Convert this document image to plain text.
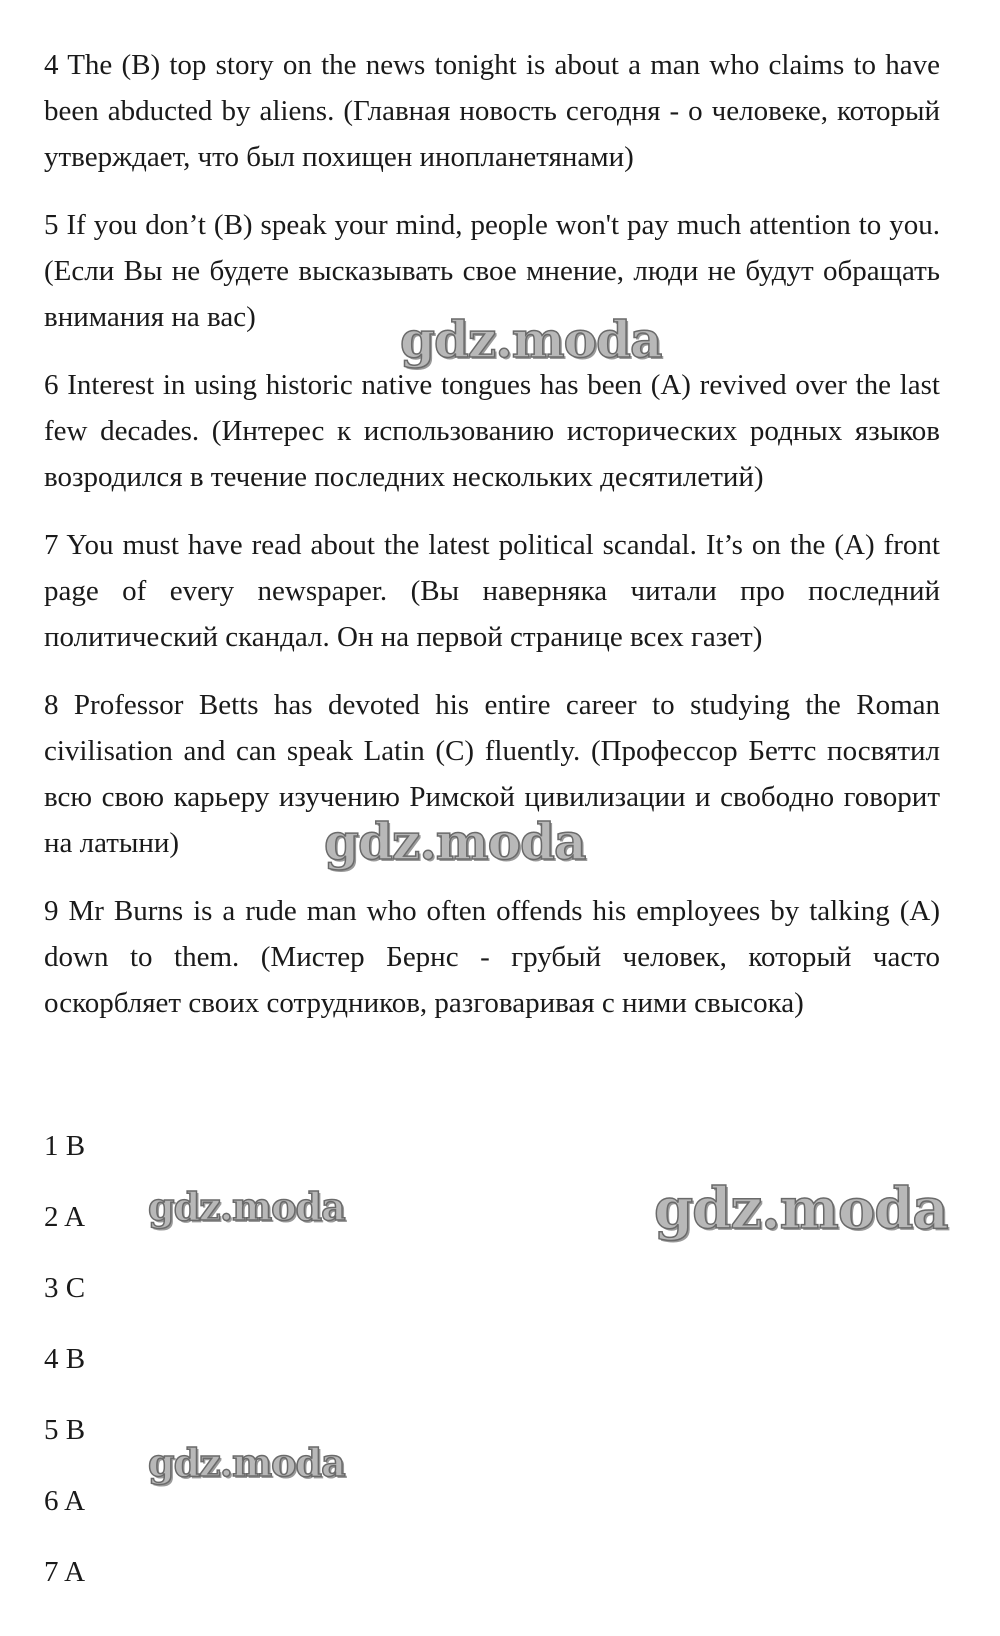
4 The (B) top story on the news tonight is about a man who claims to have been abducted by aliens. (Главная новость сегодня - о человеке, который утверждает, что был похищен инопланетянами)

5 If you don’t (B) speak your mind, people won't pay much attention to you. (Если Вы не будете высказывать свое мнение, люди не будут обращать внимания на вас)

6 Interest in using historic native tongues has been (A) revived over the last few decades. (Интерес к использованию исторических родных языков возродился в течение последних нескольких десятилетий)

7 You must have read about the latest political scandal. It’s on the (A) front page of every newspaper. (Вы наверняка читали про последний политический скандал. Он на первой странице всех газет)

8 Professor Betts has devoted his entire career to studying the Roman civilisation and can speak Latin (C) fluently. (Профессор Беттс посвятил всю свою карьеру изучению Римской цивилизации и свободно говорит на латыни)

9 Mr Burns is a rude man who often offends his employees by talking (A) down to them. (Мистер Бернс - грубый человек, который часто оскорбляет своих сотрудников, разговаривая с ними свысока)

1 B

2 A

3 C

4 B

5 B

6 A

7 A

gdz.moda
gdz.moda
gdz.moda	gdz.moda
gdz.moda
